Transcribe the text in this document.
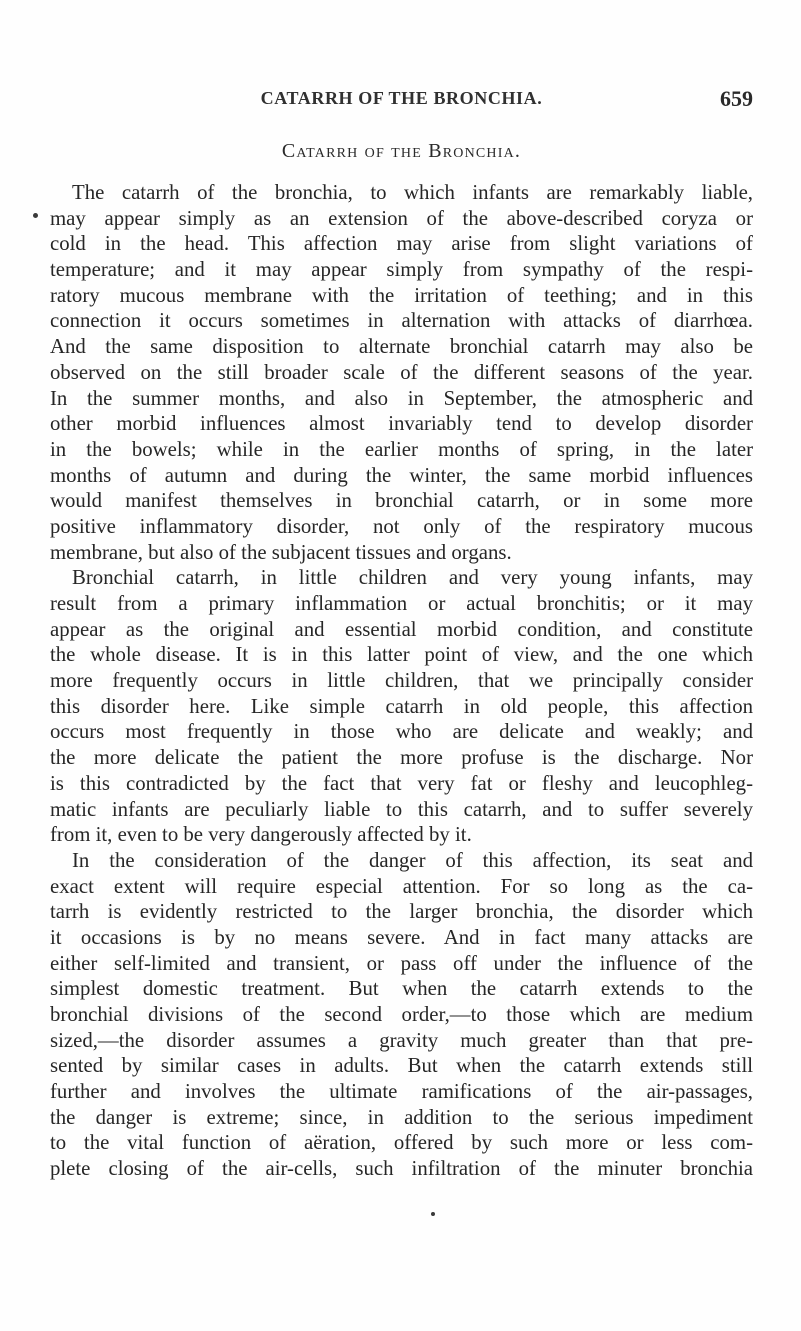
CATARRH OF THE BRONCHIA.	659
Catarrh of the Bronchia.
The catarrh of the bronchia, to which infants are remarkably liable,
may appear simply as an extension of the above-described coryza or
cold in the head. This affection may arise from slight variations of
temperature; and it may appear simply from sympathy of the respi-
ratory mucous membrane with the irritation of teething; and in this
connection it occurs sometimes in alternation with attacks of diarrhœa.
And the same disposition to alternate bronchial catarrh may also be
observed on the still broader scale of the different seasons of the year.
In the summer months, and also in September, the atmospheric and
other morbid influences almost invariably tend to develop disorder
in the bowels; while in the earlier months of spring, in the later
months of autumn and during the winter, the same morbid influences
would manifest themselves in bronchial catarrh, or in some more
positive inflammatory disorder, not only of the respiratory mucous
membrane, but also of the subjacent tissues and organs.
Bronchial catarrh, in little children and very young infants, may
result from a primary inflammation or actual bronchitis; or it may
appear as the original and essential morbid condition, and constitute
the whole disease. It is in this latter point of view, and the one which
more frequently occurs in little children, that we principally consider
this disorder here. Like simple catarrh in old people, this affection
occurs most frequently in those who are delicate and weakly; and
the more delicate the patient the more profuse is the discharge. Nor
is this contradicted by the fact that very fat or fleshy and leucophleg-
matic infants are peculiarly liable to this catarrh, and to suffer severely
from it, even to be very dangerously affected by it.
In the consideration of the danger of this affection, its seat and
exact extent will require especial attention. For so long as the ca-
tarrh is evidently restricted to the larger bronchia, the disorder which
it occasions is by no means severe. And in fact many attacks are
either self-limited and transient, or pass off under the influence of the
simplest domestic treatment. But when the catarrh extends to the
bronchial divisions of the second order,—to those which are medium
sized,—the disorder assumes a gravity much greater than that pre-
sented by similar cases in adults. But when the catarrh extends still
further and involves the ultimate ramifications of the air-passages,
the danger is extreme; since, in addition to the serious impediment
to the vital function of aëration, offered by such more or less com-
plete closing of the air-cells, such infiltration of the minuter bronchia
